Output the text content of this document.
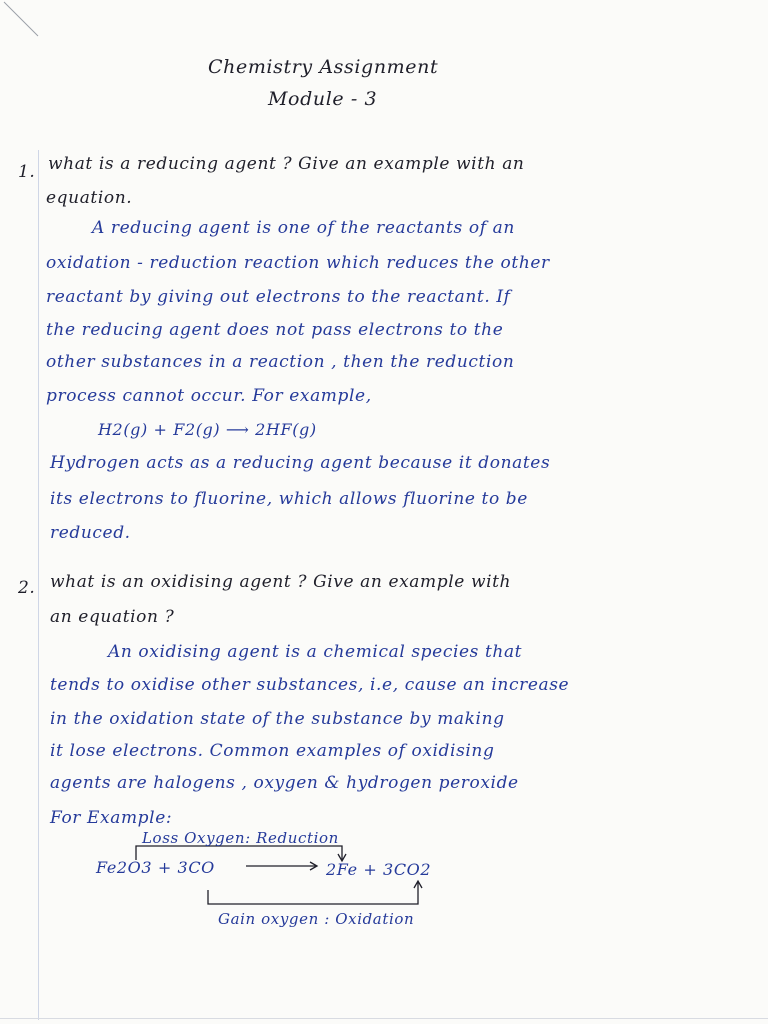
Chemistry Assignment
Module - 3
1. what is a reducing agent ? Give an example with an
equation.
A reducing agent is one of the reactants of an
oxidation - reduction reaction which reduces the other
reactant by giving out electrons to the reactant. If
the reducing agent does not pass electrons to the
other substances in a reaction , then the reduction
process cannot occur. For example,
H2(g) + F2(g) ⟶ 2HF(g)
Hydrogen acts as a reducing agent because it donates
its electrons to fluorine, which allows fluorine to be
reduced.
2. what is an oxidising agent ? Give an example with
an equation ?
An oxidising agent is a chemical species that
tends to oxidise other substances, i.e, cause an increase
in the oxidation state of the substance by making
it lose electrons. Common examples of oxidising
agents are halogens , oxygen & hydrogen peroxide
For Example:
Loss Oxygen: Reduction
Fe2O3 + 3CO	2Fe + 3CO2
Gain oxygen : Oxidation
